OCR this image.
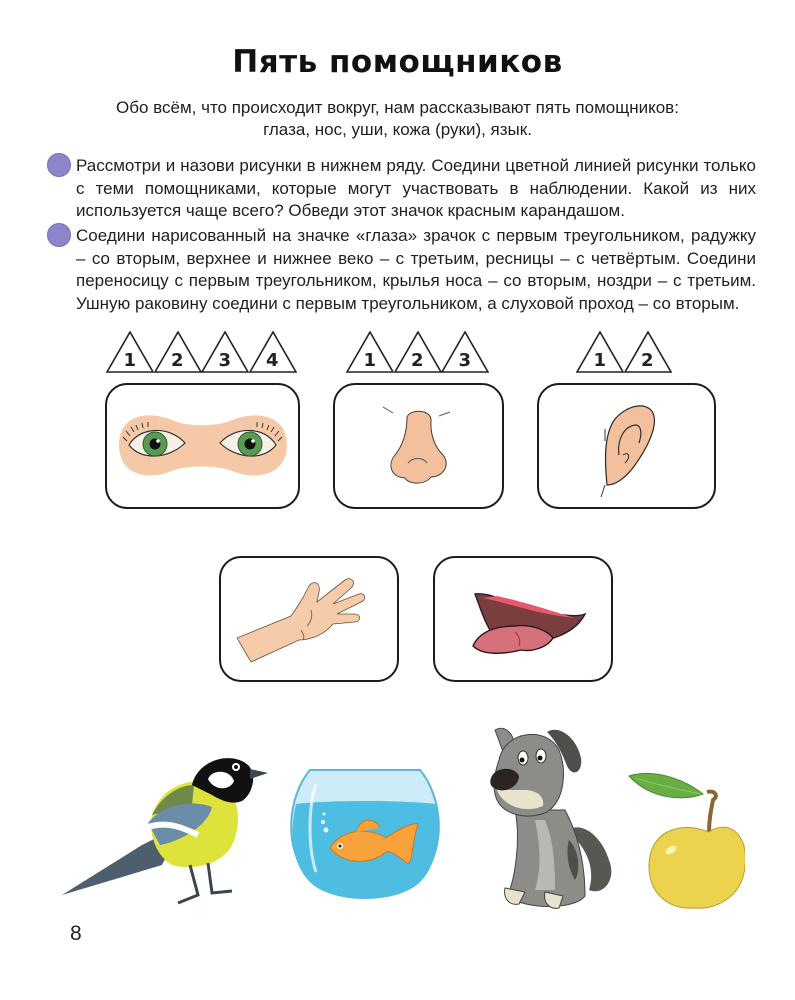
Пять помощников
Обо всём, что происходит вокруг, нам рассказывают пять помощников:
глаза, нос, уши, кожа (руки), язык.
Рассмотри и назови рисунки в нижнем ряду. Соедини цветной линией рисунки только с теми помощниками, которые могут участвовать в наблюдении. Какой из них используется чаще всего? Обведи этот значок красным карандашом.
Соедини нарисованный на значке «глаза» зрачок с первым треугольником, радужку – со вторым, верхнее и нижнее веко – с третьим, ресницы – с четвёртым. Соедини переносицу с первым треугольником, крылья носа – со вторым, ноздри – с третьим. Ушную раковину соедини с первым треугольником, а слуховой проход – со вторым.
1	2	3	4	1	2	3	1	2
8
